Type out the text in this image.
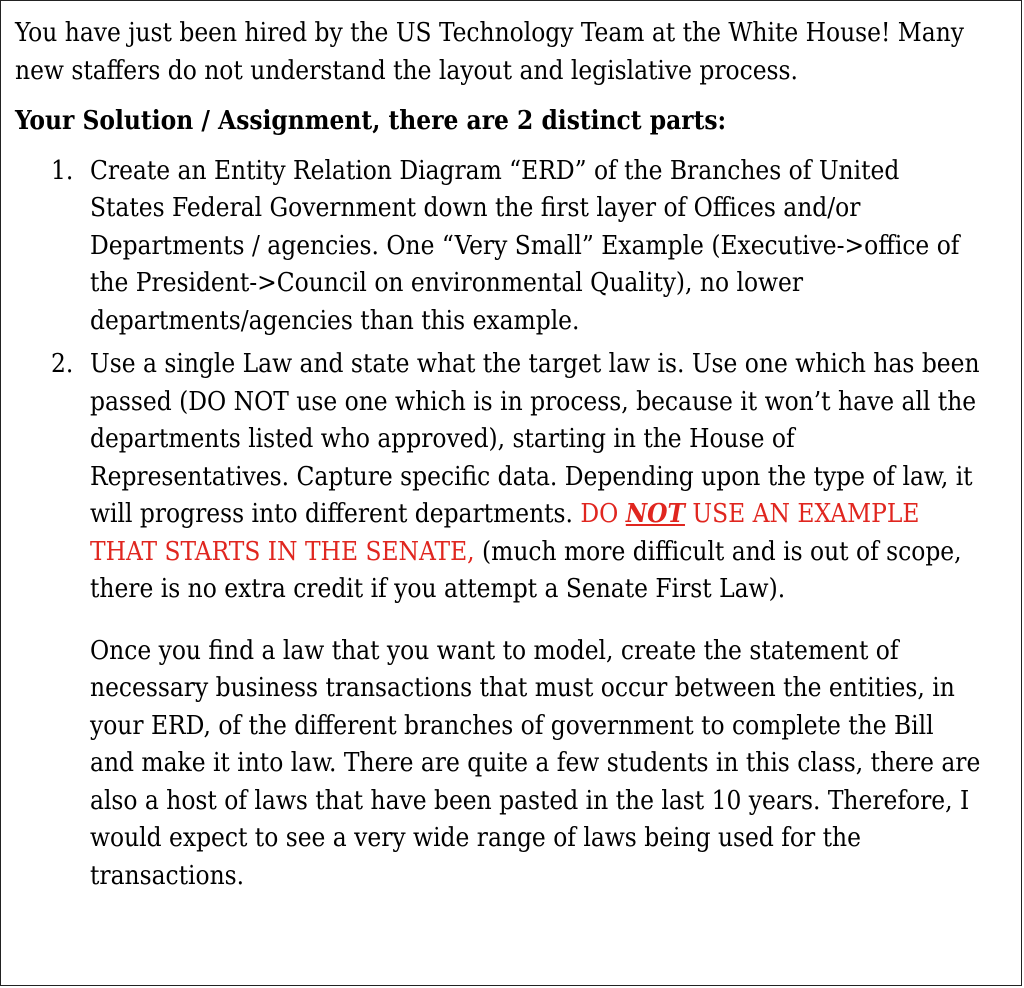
You have just been hired by the US Technology Team at the White House! Many new staffers do not understand the layout and legislative process.

Your Solution / Assignment, there are 2 distinct parts:

1. Create an Entity Relation Diagram “ERD” of the Branches of United States Federal Government down the first layer of Offices and/or Departments / agencies. One “Very Small” Example (Executive->office of the President->Council on environmental Quality), no lower departments/agencies than this example.
2. Use a single Law and state what the target law is. Use one which has been passed (DO NOT use one which is in process, because it won’t have all the departments listed who approved), starting in the House of Representatives. Capture specific data. Depending upon the type of law, it will progress into different departments. DO NOT USE AN EXAMPLE THAT STARTS IN THE SENATE, (much more difficult and is out of scope, there is no extra credit if you attempt a Senate First Law).

Once you find a law that you want to model, create the statement of necessary business transactions that must occur between the entities, in your ERD, of the different branches of government to complete the Bill and make it into law. There are quite a few students in this class, there are also a host of laws that have been pasted in the last 10 years. Therefore, I would expect to see a very wide range of laws being used for the transactions.
